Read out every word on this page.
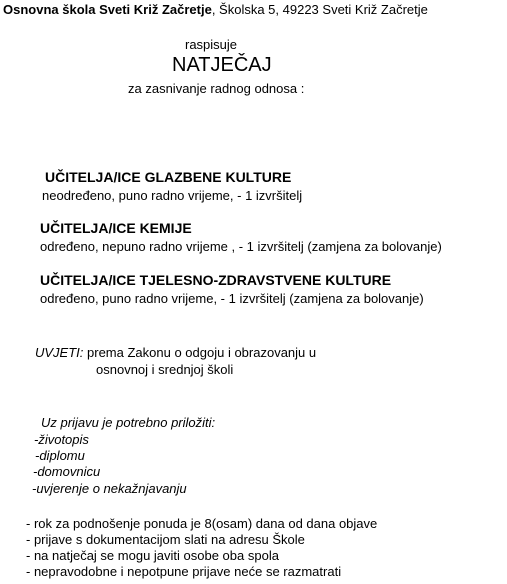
Osnovna škola Sveti Križ Začretje, Školska 5, 49223 Sveti Križ Začretje
raspisuje
NATJEČAJ
za zasnivanje radnog odnosa :
UČITELJA/ICE GLAZBENE KULTURE
neodređeno, puno radno vrijeme, - 1 izvršitelj
UČITELJA/ICE KEMIJE
određeno, nepuno radno vrijeme , - 1 izvršitelj (zamjena za bolovanje)
UČITELJA/ICE TJELESNO-ZDRAVSTVENE KULTURE
određeno, puno radno vrijeme, - 1 izvršitelj (zamjena za bolovanje)
UVJETI: prema Zakonu o odgoju i obrazovanju u
osnovnoj i srednjoj školi
Uz prijavu je potrebno priložiti:
-životopis
-diplomu
-domovnicu
-uvjerenje o nekažnjavanju
- rok za podnošenje ponuda je 8(osam) dana od dana objave
- prijave s dokumentacijom slati na adresu Škole
- na natječaj se mogu javiti osobe oba spola
- nepravodobne i nepotpune prijave neće se razmatrati
